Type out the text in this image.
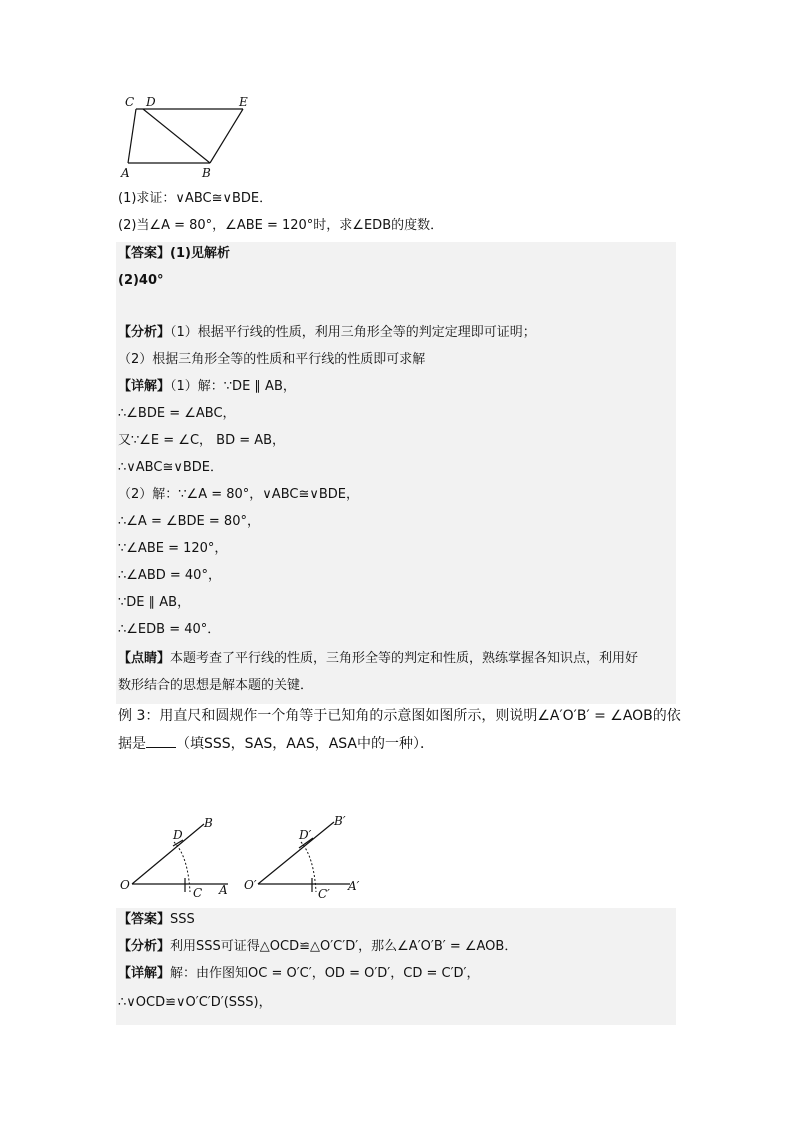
C D	E
A	B
(1)求证：∨ABC≅∨BDE．
(2)当∠A = 80°，∠ABE = 120°时，求∠EDB的度数．
【答案】(1)见解析
(2)40°
【分析】（1）根据平行线的性质，利用三角形全等的判定定理即可证明；
（2）根据三角形全等的性质和平行线的性质即可求解
【详解】（1）解：∵DE ∥ AB，
∴∠BDE = ∠ABC，
又∵∠E = ∠C， BD = AB，
∴∨ABC≅∨BDE．
（2）解：∵∠A = 80°，∨ABC≅∨BDE，
∴∠A = ∠BDE = 80°，
∵∠ABE = 120°，
∴∠ABD = 40°，
∵DE ∥ AB，
∴∠EDB = 40°．
【点睛】本题考查了平行线的性质，三角形全等的判定和性质，熟练掌握各知识点，利用好
数形结合的思想是解本题的关键．
例 3：用直尺和圆规作一个角等于已知角的示意图如图所示，则说明∠A′O′B′ = ∠AOB的依
据是 （填SSS，SAS，AAS，ASA中的一种）．
D
B
O
C A
D′
B′
O′
C′
A′
【答案】SSS
【分析】利用SSS可证得△OCD≌△O′C′D′，那么∠A′O′B′ = ∠AOB．
【详解】解：由作图知OC = O′C′，OD = O′D′，CD = C′D′，
∴∨OCD≌∨O′C′D′(SSS)，
